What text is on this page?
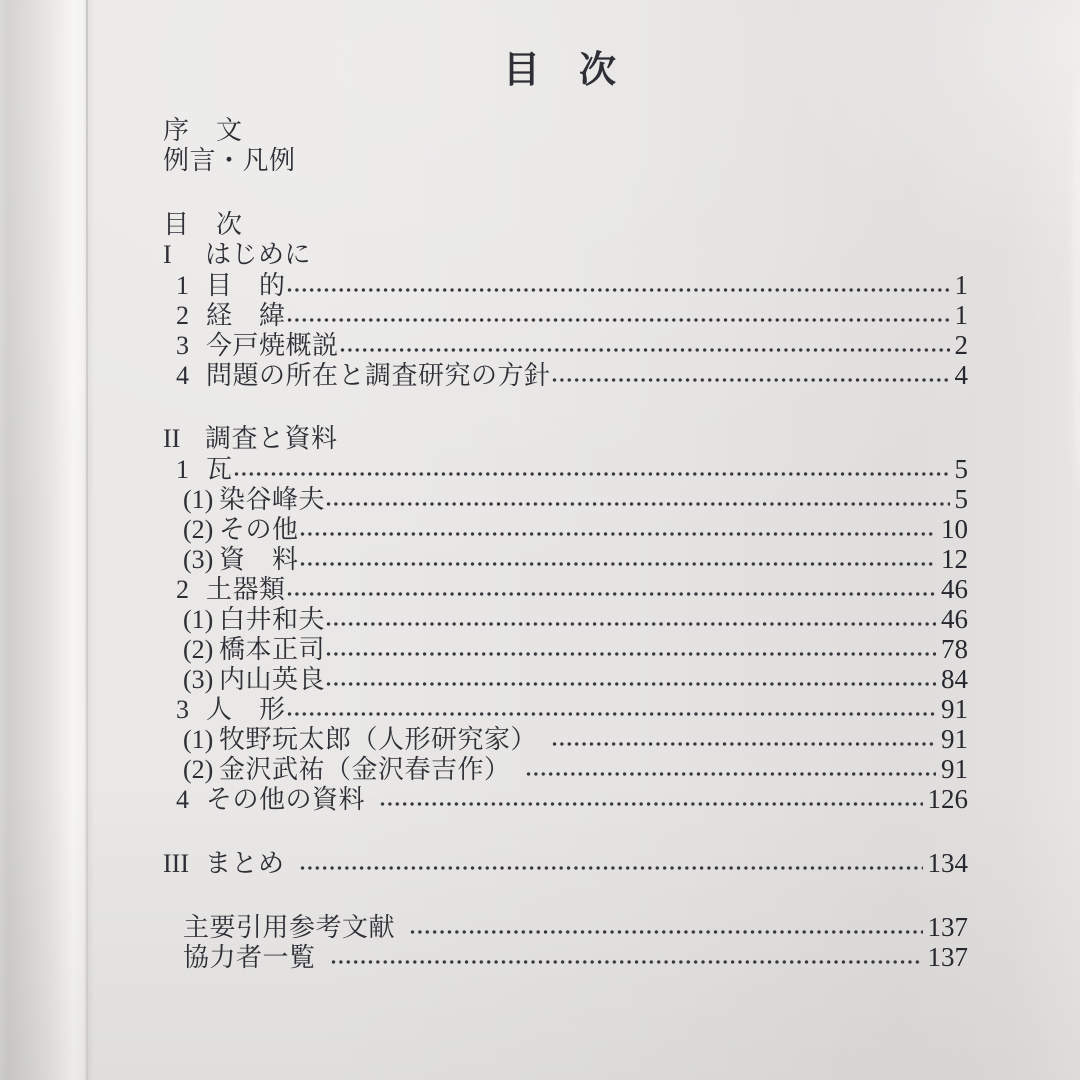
目　次
序　文
例言・凡例
目　次
I	はじめに
1 目　的	1
2 経　緯	1
3 今戸焼概説	2
4 問題の所在と調査研究の方針	4
II 調査と資料
1 瓦	5
(1) 染谷峰夫	5
(2) その他	10
(3) 資　料	12
2 土器類	46
(1) 白井和夫	46
(2) 橋本正司	78
(3) 内山英良	84
3 人　形	91
(1) 牧野玩太郎（人形研究家）	91
(2) 金沢武祐（金沢春吉作）	91
4 その他の資料	126
III まとめ	134
主要引用参考文献	137
協力者一覧	137
